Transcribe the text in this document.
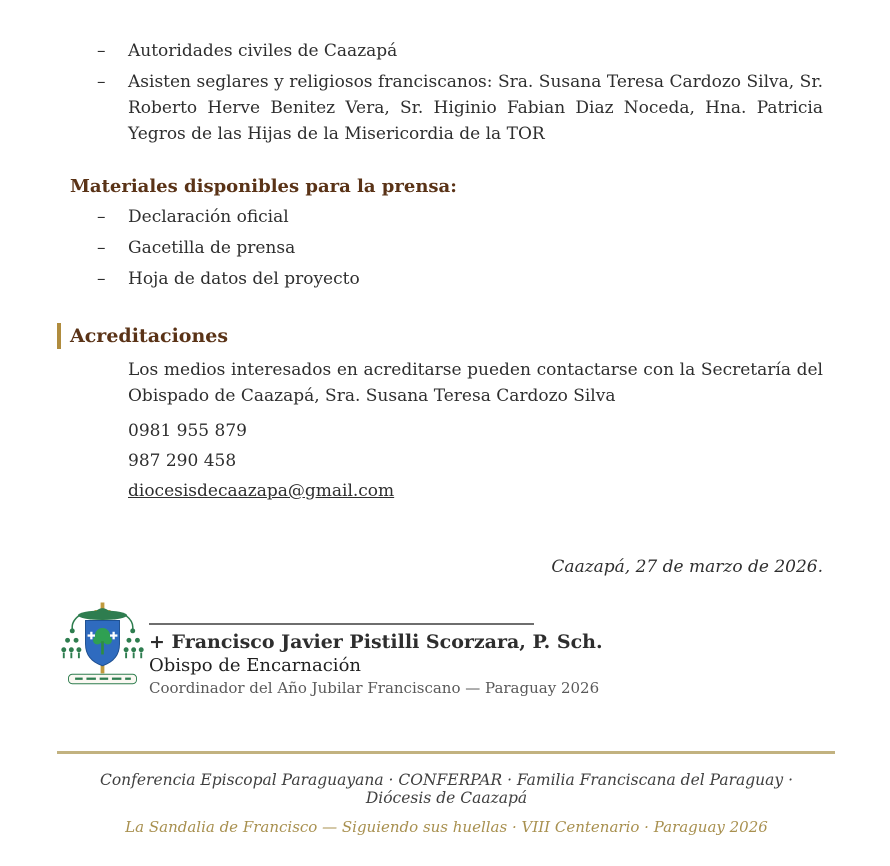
– Autoridades civiles de Caazapá
– Asisten seglares y religiosos franciscanos: Sra. Susana Teresa Cardozo Silva, Sr. Roberto Herve Benitez Vera, Sr. Higinio Fabian Diaz Noceda, Hna. Patricia Yegros de las Hijas de la Misericordia de la TOR
Materiales disponibles para la prensa:
– Declaración oficial
– Gacetilla de prensa
– Hoja de datos del proyecto
Acreditaciones

Los medios interesados en acreditarse pueden contactarse con la Secretaría del Obispado de Caazapá, Sra. Susana Teresa Cardozo Silva

0981 955 879
987 290 458
diocesisdecaazapa@gmail.com
Caazapá, 27 de marzo de 2026.
+ Francisco Javier Pistilli Scorzara, P. Sch.
Obispo de Encarnación
Coordinador del Año Jubilar Franciscano — Paraguay 2026
Conferencia Episcopal Paraguayana · CONFERPAR · Familia Franciscana del Paraguay · Diócesis de Caazapá
La Sandalia de Francisco — Siguiendo sus huellas · VIII Centenario · Paraguay 2026
